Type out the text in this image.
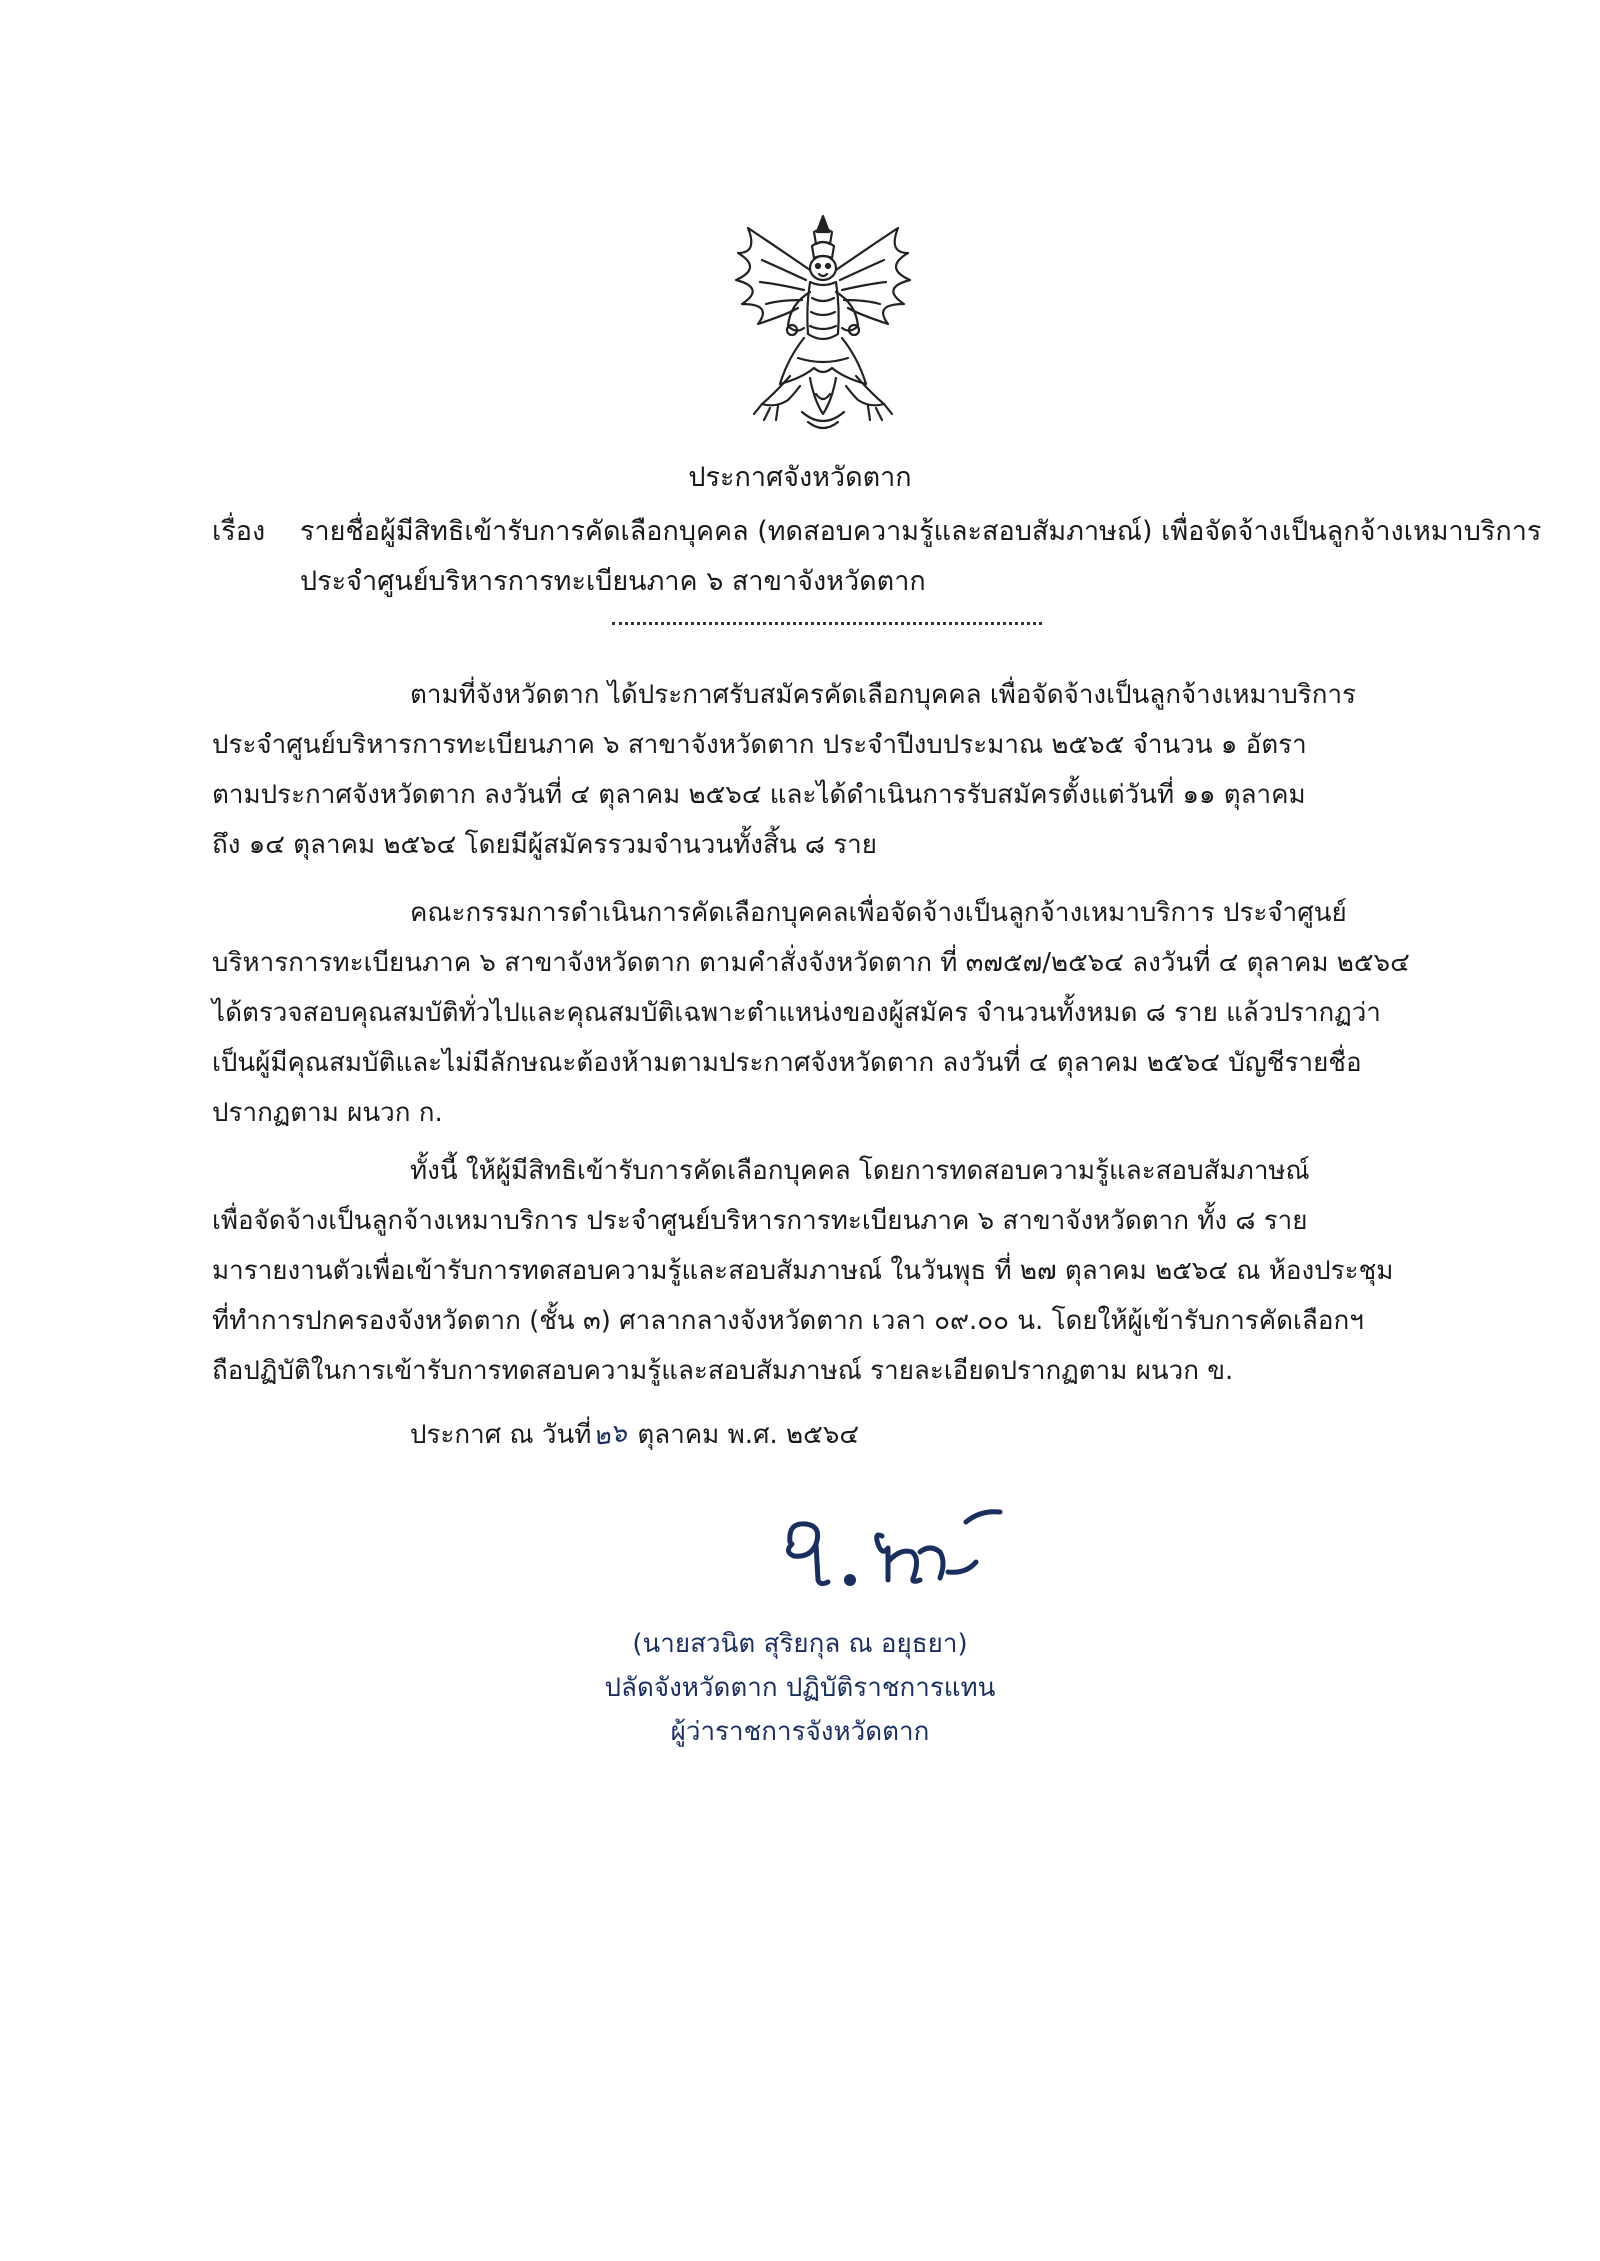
ประกาศจังหวัดตาก
เรื่อง รายชื่อผู้มีสิทธิเข้ารับการคัดเลือกบุคคล (ทดสอบความรู้และสอบสัมภาษณ์) เพื่อจัดจ้างเป็นลูกจ้างเหมาบริการ
ประจำศูนย์บริหารการทะเบียนภาค ๖ สาขาจังหวัดตาก
ตามที่จังหวัดตาก ได้ประกาศรับสมัครคัดเลือกบุคคล เพื่อจัดจ้างเป็นลูกจ้างเหมาบริการ
ประจำศูนย์บริหารการทะเบียนภาค ๖ สาขาจังหวัดตาก ประจำปีงบประมาณ ๒๕๖๕ จำนวน ๑ อัตรา
ตามประกาศจังหวัดตาก ลงวันที่ ๔ ตุลาคม ๒๕๖๔ และได้ดำเนินการรับสมัครตั้งแต่วันที่ ๑๑ ตุลาคม
ถึง ๑๔ ตุลาคม ๒๕๖๔ โดยมีผู้สมัครรวมจำนวนทั้งสิ้น ๘ ราย
คณะกรรมการดำเนินการคัดเลือกบุคคลเพื่อจัดจ้างเป็นลูกจ้างเหมาบริการ ประจำศูนย์
บริหารการทะเบียนภาค ๖ สาขาจังหวัดตาก ตามคำสั่งจังหวัดตาก ที่ ๓๗๕๗/๒๕๖๔ ลงวันที่ ๔ ตุลาคม ๒๕๖๔
ได้ตรวจสอบคุณสมบัติทั่วไปและคุณสมบัติเฉพาะตำแหน่งของผู้สมัคร จำนวนทั้งหมด ๘ ราย แล้วปรากฏว่า
เป็นผู้มีคุณสมบัติและไม่มีลักษณะต้องห้ามตามประกาศจังหวัดตาก ลงวันที่ ๔ ตุลาคม ๒๕๖๔ บัญชีรายชื่อ
ปรากฏตาม ผนวก ก.
ทั้งนี้ ให้ผู้มีสิทธิเข้ารับการคัดเลือกบุคคล โดยการทดสอบความรู้และสอบสัมภาษณ์
เพื่อจัดจ้างเป็นลูกจ้างเหมาบริการ ประจำศูนย์บริหารการทะเบียนภาค ๖ สาขาจังหวัดตาก ทั้ง ๘ ราย
มารายงานตัวเพื่อเข้ารับการทดสอบความรู้และสอบสัมภาษณ์ ในวันพุธ ที่ ๒๗ ตุลาคม ๒๕๖๔ ณ ห้องประชุม
ที่ทำการปกครองจังหวัดตาก (ชั้น ๓) ศาลากลางจังหวัดตาก เวลา ๐๙.๐๐ น. โดยให้ผู้เข้ารับการคัดเลือกฯ
ถือปฏิบัติในการเข้ารับการทดสอบความรู้และสอบสัมภาษณ์ รายละเอียดปรากฏตาม ผนวก ข.
ประกาศ ณ วันที่๒๖ ตุลาคม พ.ศ. ๒๕๖๔
(นายสวนิต สุริยกุล ณ อยุธยา)
ปลัดจังหวัดตาก ปฏิบัติราชการแทน
ผู้ว่าราชการจังหวัดตาก
